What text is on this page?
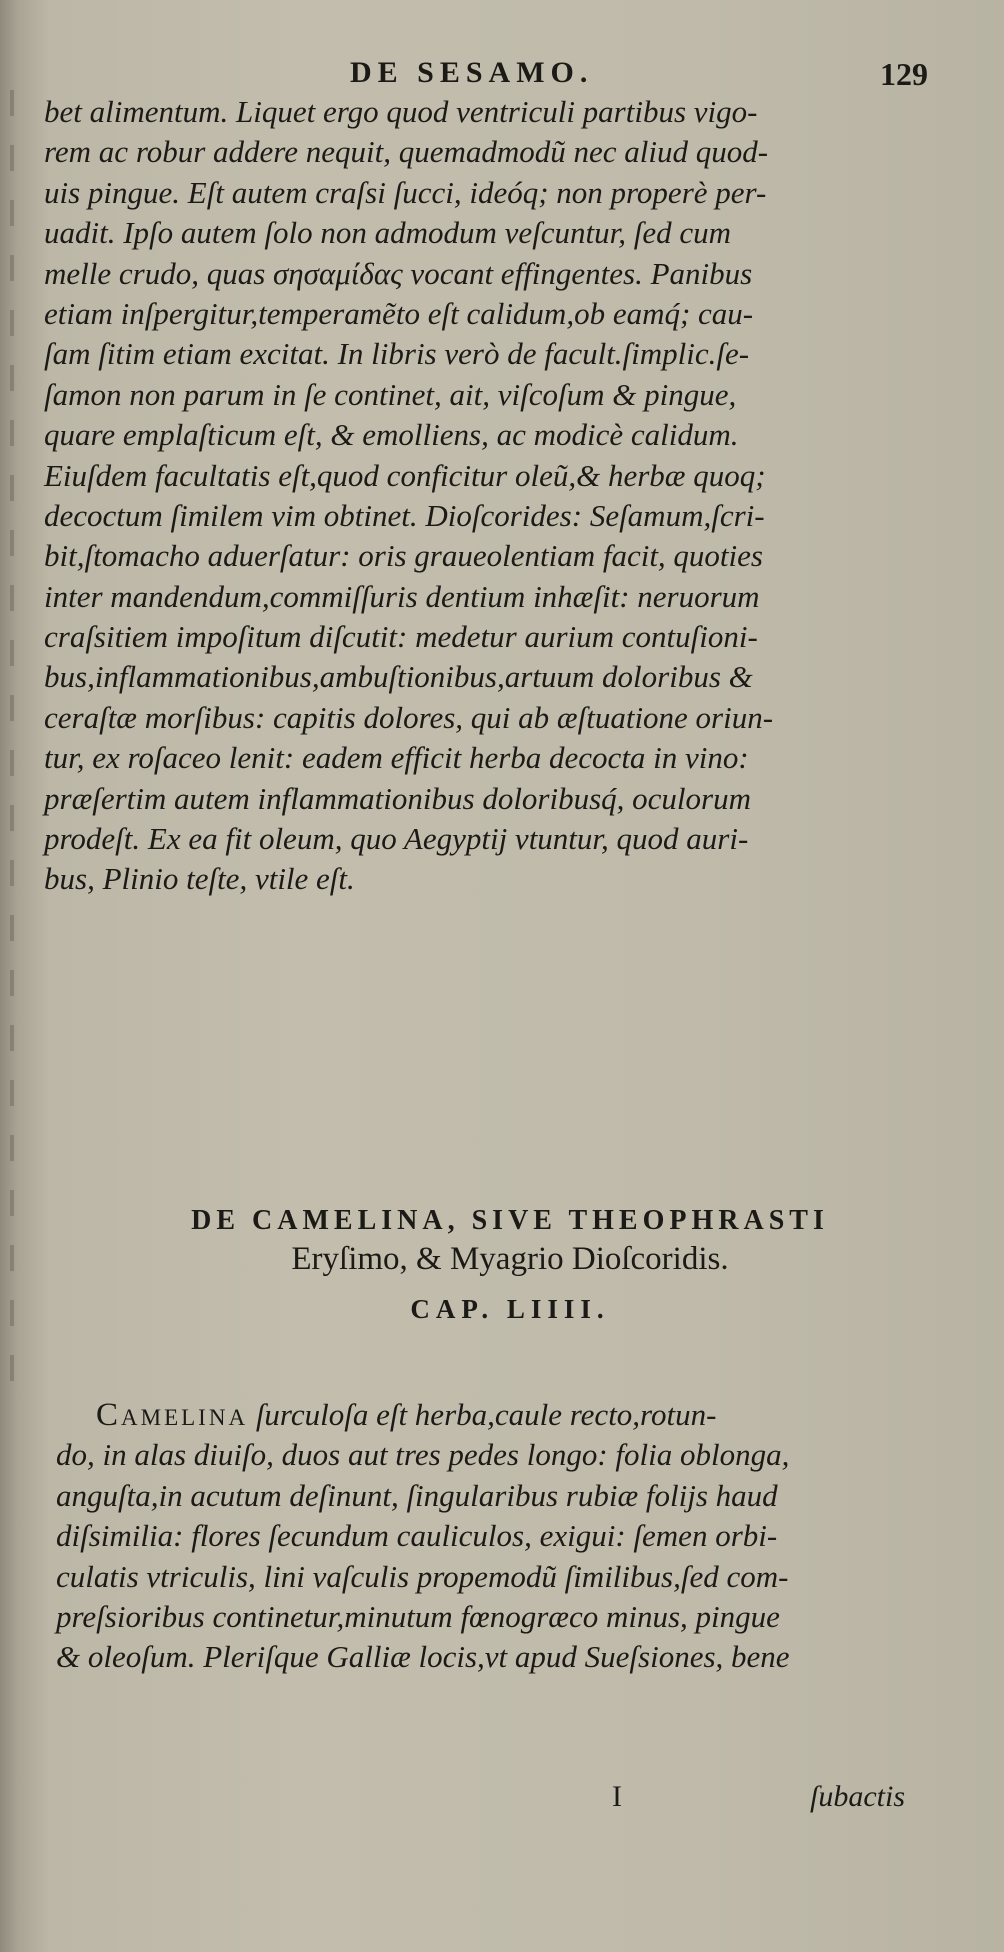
DE SESAMO.	129
bet alimentum. Liquet ergo quod ventriculi partibus vigo-
rem ac robur addere nequit, quemadmodũ nec aliud quod-
uis pingue. Eſt autem craſsi ſucci, ideóq; non properè per-
uadit. Ipſo autem ſolo non admodum veſcuntur, ſed cum
melle crudo, quas σησαμίδας vocant effingentes. Panibus
etiam inſpergitur,temperamẽto eſt calidum,ob eamq́; cau-
ſam ſitim etiam excitat. In libris verò de facult.ſimplic.ſe-
ſamon non parum in ſe continet, ait, viſcoſum & pingue,
quare emplaſticum eſt, & emolliens, ac modicè calidum.
Eiuſdem facultatis eſt,quod conficitur oleũ,& herbæ quoq;
decoctum ſimilem vim obtinet. Dioſcorides: Seſamum,ſcri-
bit,ſtomacho aduerſatur: oris graueolentiam facit, quoties
inter mandendum,commiſſuris dentium inhæſit: neruorum
craſsitiem impoſitum diſcutit: medetur aurium contuſioni-
bus,inflammationibus,ambuſtionibus,artuum doloribus &
ceraſtæ morſibus: capitis dolores, qui ab æſtuatione oriun-
tur, ex roſaceo lenit: eadem efficit herba decocta in vino:
præſertim autem inflammationibus doloribusq́, oculorum
prodeſt. Ex ea fit oleum, quo Aegyptij vtuntur, quod auri-
bus, Plinio teſte, vtile eſt.
DE CAMELINA, SIVE THEOPHRASTI
Eryſimo, & Myagrio Dioſcoridis.
CAP. LIIII.
Camelina ſurculoſa eſt herba,caule recto,rotun-
do, in alas diuiſo, duos aut tres pedes longo: folia oblonga,
anguſta,in acutum deſinunt, ſingularibus rubiæ folijs haud
diſsimilia: flores ſecundum cauliculos, exigui: ſemen orbi-
culatis vtriculis, lini vaſculis propemodũ ſimilibus,ſed com-
preſsioribus continetur,minutum fœnogræco minus, pingue
& oleoſum. Pleriſque Galliæ locis,vt apud Sueſsiones, bene
I	ſubactis
